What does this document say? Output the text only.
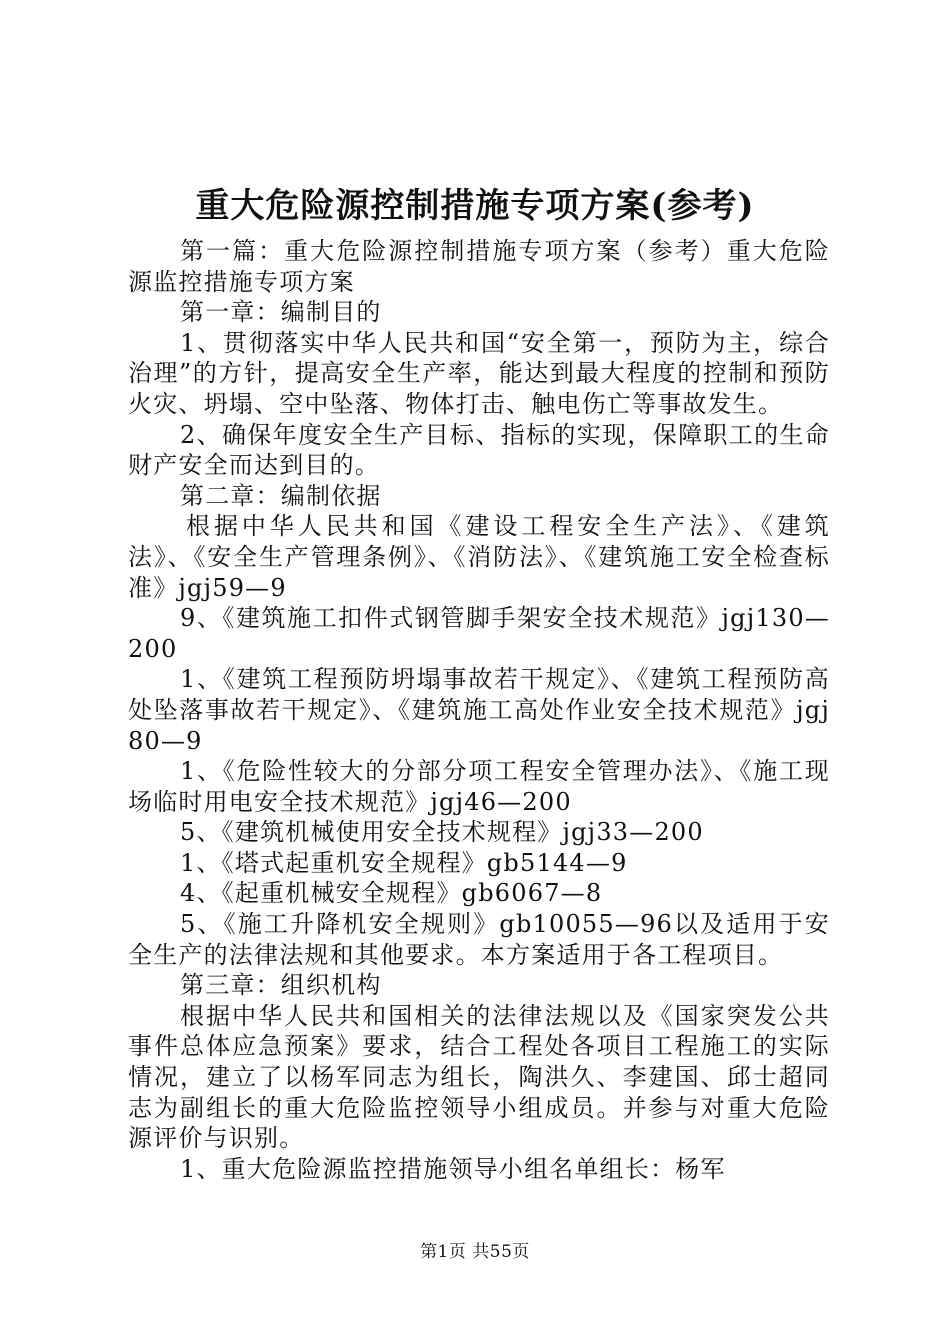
重大危险源控制措施专项方案(参考)

第一篇：重大危险源控制措施专项方案（参考）重大危险源监控措施专项方案

第一章：编制目的

1、贯彻落实中华人民共和国“安全第一，预防为主，综合治理”的方针，提高安全生产率，能达到最大程度的控制和预防火灾、坍塌、空中坠落、物体打击、触电伤亡等事故发生。

2、确保年度安全生产目标、指标的实现，保障职工的生命财产安全而达到目的。

第二章：编制依据

根据中华人民共和国《建设工程安全生产法》、《建筑法》、《安全生产管理条例》、《消防法》、《建筑施工安全检查标准》jgj59—9

9、《建筑施工扣件式钢管脚手架安全技术规范》jgj130—200

1、《建筑工程预防坍塌事故若干规定》、《建筑工程预防高处坠落事故若干规定》、《建筑施工高处作业安全技术规范》jgj80—9

1、《危险性较大的分部分项工程安全管理办法》、《施工现场临时用电安全技术规范》jgj46—200

5、《建筑机械使用安全技术规程》jgj33—200

1、《塔式起重机安全规程》gb5144—9

4、《起重机械安全规程》gb6067—8

5、《施工升降机安全规则》gb10055—96以及适用于安全生产的法律法规和其他要求。本方案适用于各工程项目。

第三章：组织机构

根据中华人民共和国相关的法律法规以及《国家突发公共事件总体应急预案》要求，结合工程处各项目工程施工的实际情况，建立了以杨军同志为组长，陶洪久、李建国、邱士超同志为副组长的重大危险监控领导小组成员。并参与对重大危险源评价与识别。

1、重大危险源监控措施领导小组名单组长：杨军

第1页 共55页
